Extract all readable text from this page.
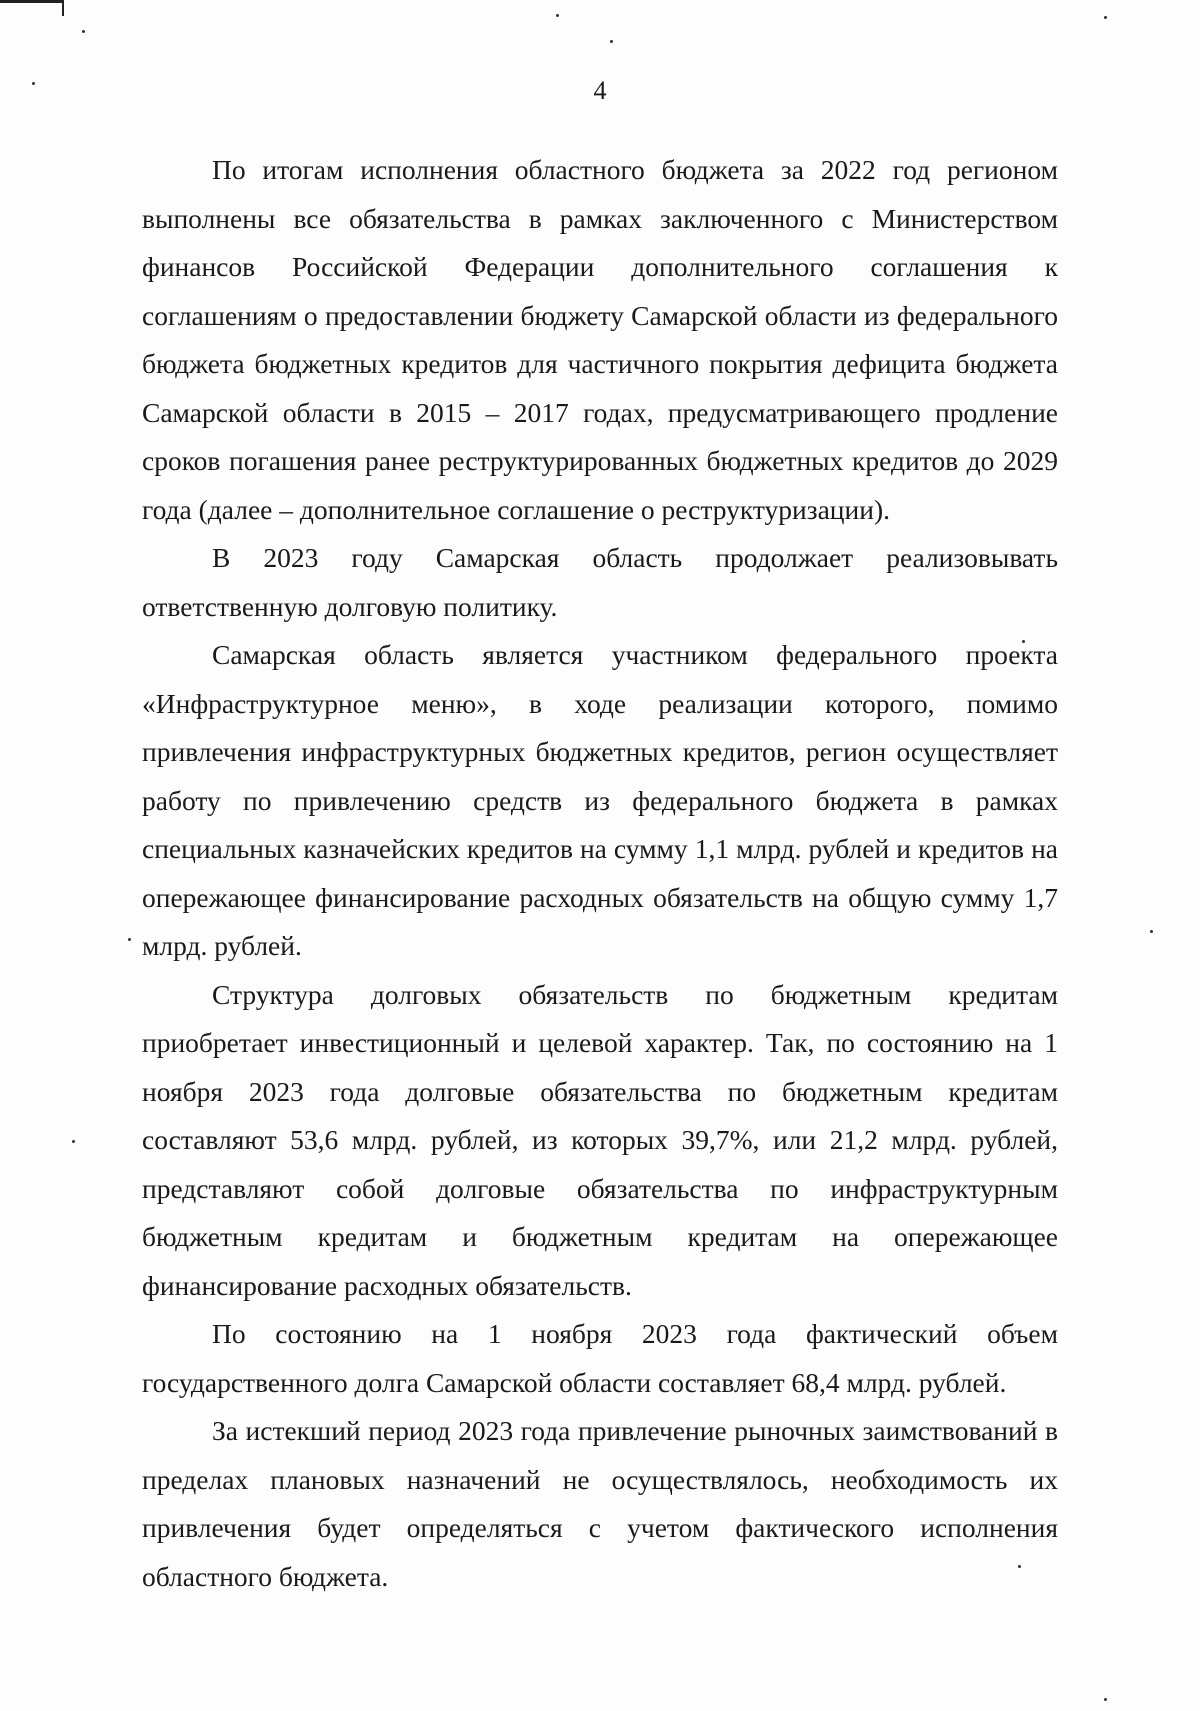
4

По итогам исполнения областного бюджета за 2022 год регионом выполнены все обязательства в рамках заключенного с Министерством финансов Российской Федерации дополнительного соглашения к соглашениям о предоставлении бюджету Самарской области из федерального бюджета бюджетных кредитов для частичного покрытия дефицита бюджета Самарской области в 2015 – 2017 годах, предусматривающего продление сроков погашения ранее реструктурированных бюджетных кредитов до 2029 года (далее – дополнительное соглашение о реструктуризации).

В 2023 году Самарская область продолжает реализовывать ответственную долговую политику.

Самарская область является участником федерального проекта «Инфраструктурное меню», в ходе реализации которого, помимо привлечения инфраструктурных бюджетных кредитов, регион осуществляет работу по привлечению средств из федерального бюджета в рамках специальных казначейских кредитов на сумму 1,1 млрд. рублей и кредитов на опережающее финансирование расходных обязательств на общую сумму 1,7 млрд. рублей.

Структура долговых обязательств по бюджетным кредитам приобретает инвестиционный и целевой характер. Так, по состоянию на 1 ноября 2023 года долговые обязательства по бюджетным кредитам составляют 53,6 млрд. рублей, из которых 39,7%, или 21,2 млрд. рублей, представляют собой долговые обязательства по инфраструктурным бюджетным кредитам и бюджетным кредитам на опережающее финансирование расходных обязательств.

По состоянию на 1 ноября 2023 года фактический объем государственного долга Самарской области составляет 68,4 млрд. рублей.

За истекший период 2023 года привлечение рыночных заимствований в пределах плановых назначений не осуществлялось, необходимость их привлечения будет определяться с учетом фактического исполнения областного бюджета.
